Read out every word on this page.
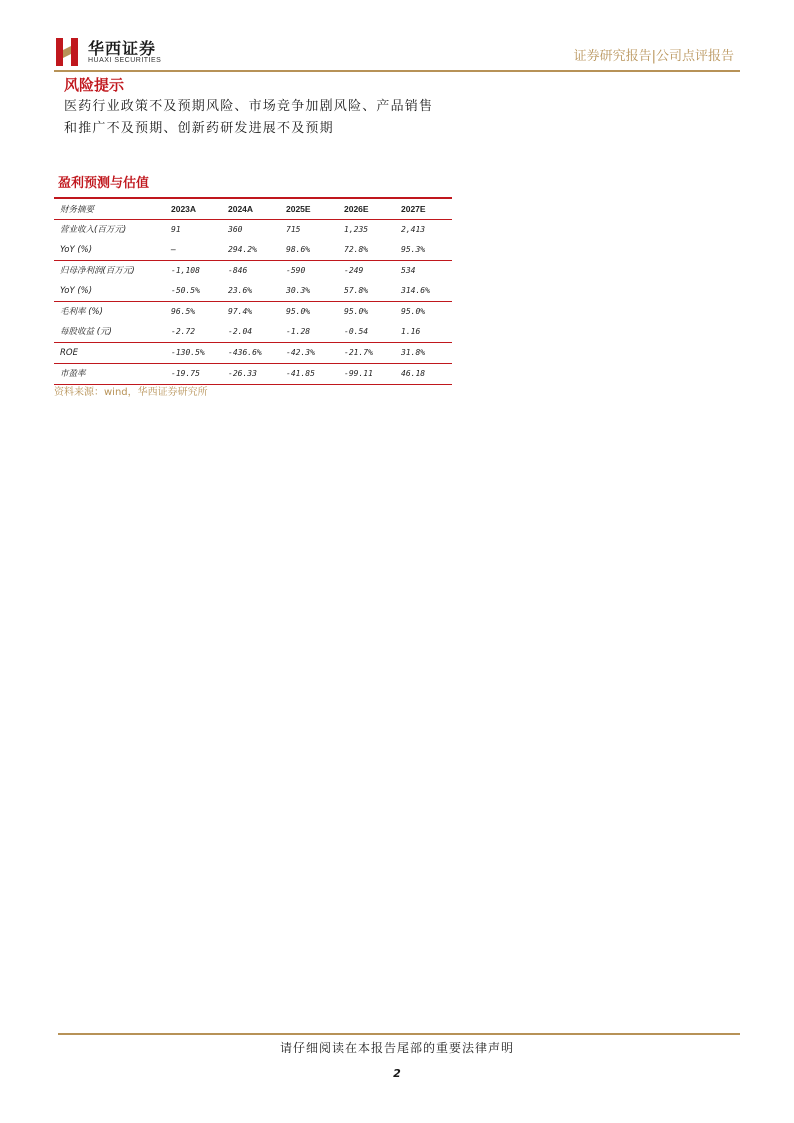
华西证券
HUAXI SECURITIES	证券研究报告|公司点评报告
风险提示
医药行业政策不及预期风险、市场竞争加剧风险、产品销售
和推广不及预期、创新药研发进展不及预期
盈利预测与估值
财务摘要	2023A	2024A	2025E	2026E	2027E
营业收入(百万元)	91	360	715	1,235	2,413
YoY (%)	—	294.2%	98.6%	72.8%	95.3%
归母净利润(百万元)	-1,108	-846	-590	-249	534
YoY (%)	-50.5%	23.6%	30.3%	57.8%	314.6%
毛利率 (%)	96.5%	97.4%	95.0%	95.0%	95.0%
每股收益 (元)	-2.72	-2.04	-1.28	-0.54	1.16
ROE	-130.5%	-436.6%	-42.3%	-21.7%	31.8%
市盈率	-19.75	-26.33	-41.85	-99.11	46.18
资料来源：wind，华西证券研究所
请仔细阅读在本报告尾部的重要法律声明
2
